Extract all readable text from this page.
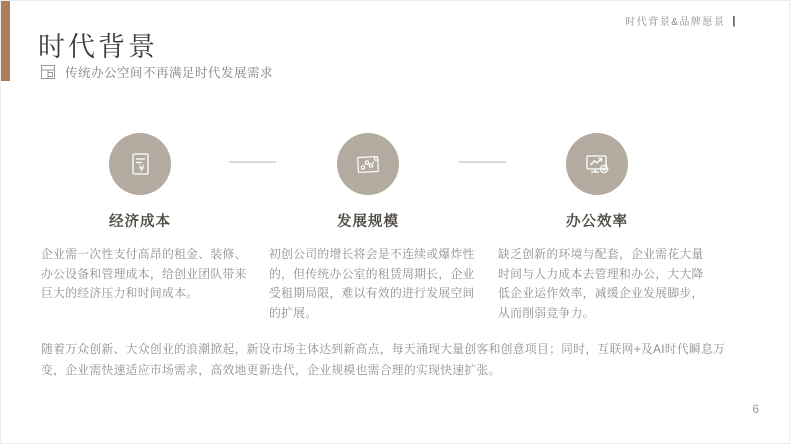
时代背景&品牌愿景 |
时代背景
传统办公空间不再满足时代发展需求
¥
经济成本
企业需一次性支付高昂的租金、装修、办公设备和管理成本，给创业团队带来巨大的经济压力和时间成本。
发展规模
初创公司的增长将会是不连续或爆炸性的，但传统办公室的租赁周期长，企业受租期局限，难以有效的进行发展空间的扩展。
办公效率
缺乏创新的环境与配套，企业需花大量时间与人力成本去管理和办公，大大降低企业运作效率，减缓企业发展脚步，从而削弱竞争力。
随着万众创新、大众创业的浪潮掀起，新设市场主体达到新高点，每天涌现大量创客和创意项目；同时，互联网+及AI时代瞬息万变，企业需快速适应市场需求，高效地更新迭代，企业规模也需合理的实现快速扩张。
6
